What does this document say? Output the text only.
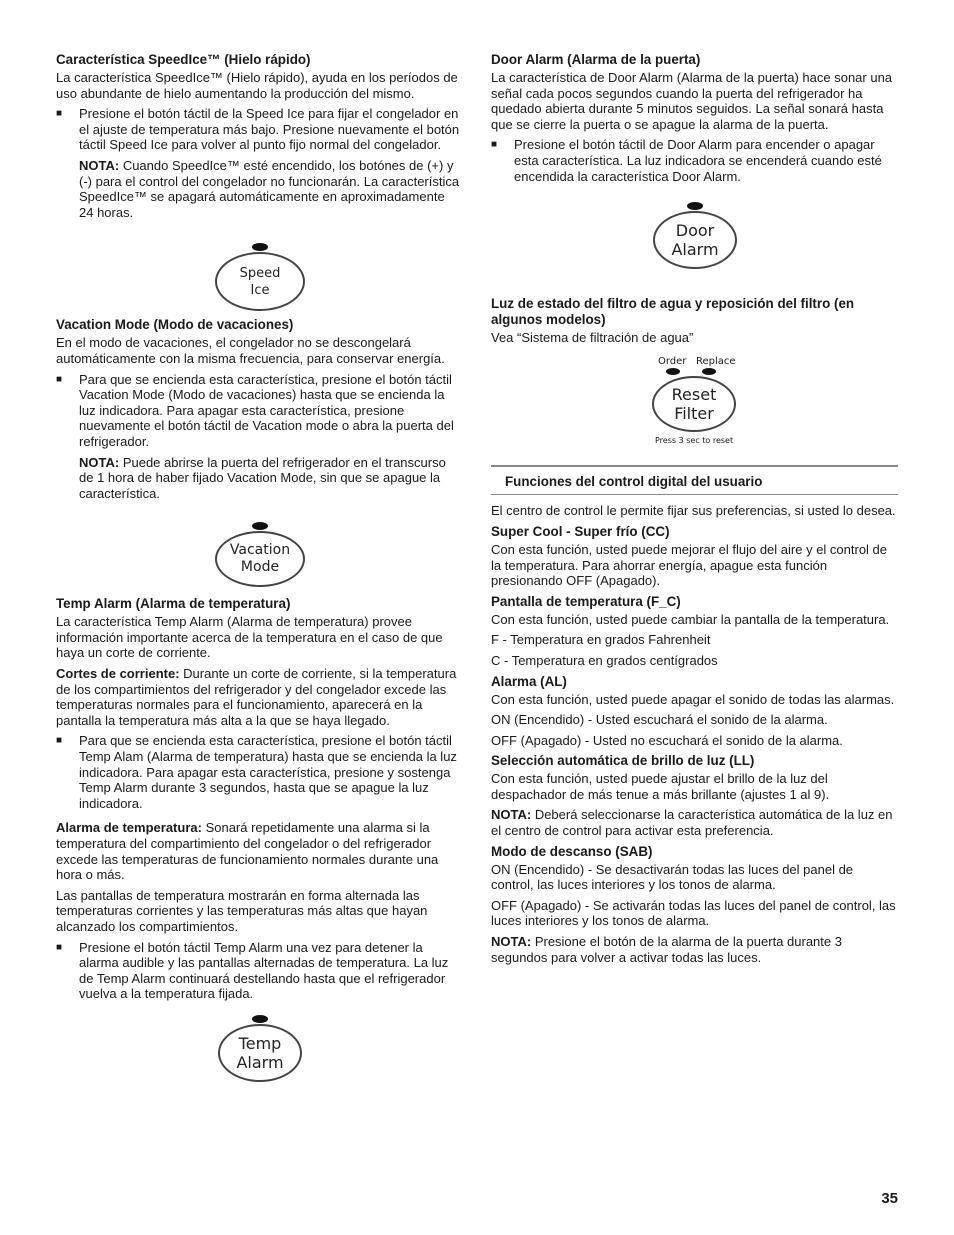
Característica SpeedIce™ (Hielo rápido)

La característica SpeedIce™ (Hielo rápido), ayuda en los períodos de uso abundante de hielo aumentando la producción del mismo.

■	Presione el botón táctil de la Speed Ice para fijar el congelador en el ajuste de temperatura más bajo. Presione nuevamente el botón táctil Speed Ice para volver al punto fijo normal del congelador.

NOTA: Cuando SpeedIce™ esté encendido, los botónes de (+) y (-) para el control del congelador no funcionarán. La característica SpeedIce™ se apagará automáticamente en aproximadamente 24 horas.

Speed
Ice
Vacation Mode (Modo de vacaciones)

En el modo de vacaciones, el congelador no se descongelará automáticamente con la misma frecuencia, para conservar energía.

■	Para que se encienda esta característica, presione el botón táctil Vacation Mode (Modo de vacaciones) hasta que se encienda la luz indicadora. Para apagar esta característica, presione nuevamente el botón táctil de Vacation mode o abra la puerta del refrigerador.

NOTA: Puede abrirse la puerta del refrigerador en el transcurso de 1 hora de haber fijado Vacation Mode, sin que se apague la característica.

Vacation
Mode
Temp Alarm (Alarma de temperatura)

La característica Temp Alarm (Alarma de temperatura) provee información importante acerca de la temperatura en el caso de que haya un corte de corriente.

Cortes de corriente: Durante un corte de corriente, si la temperatura de los compartimientos del refrigerador y del congelador excede las temperaturas normales para el funcionamiento, aparecerá en la pantalla la temperatura más alta a la que se haya llegado.

■	Para que se encienda esta característica, presione el botón táctil Temp Alam (Alarma de temperatura) hasta que se encienda la luz indicadora. Para apagar esta característica, presione y sostenga Temp Alarm durante 3 segundos, hasta que se apague la luz indicadora.

Alarma de temperatura: Sonará repetidamente una alarma si la temperatura del compartimiento del congelador o del refrigerador excede las temperaturas de funcionamiento normales durante una hora o más.

Las pantallas de temperatura mostrarán en forma alternada las temperaturas corrientes y las temperaturas más altas que hayan alcanzado los compartimientos.

■	Presione el botón táctil Temp Alarm una vez para detener la alarma audible y las pantallas alternadas de temperatura. La luz de Temp Alarm continuará destellando hasta que el refrigerador vuelva a la temperatura fijada.
Temp
Alarm
Door Alarm (Alarma de la puerta)

La característica de Door Alarm (Alarma de la puerta) hace sonar una señal cada pocos segundos cuando la puerta del refrigerador ha quedado abierta durante 5 minutos seguidos. La señal sonará hasta que se cierre la puerta o se apague la alarma de la puerta.

■	Presione el botón táctil de Door Alarm para encender o apagar esta característica. La luz indicadora se encenderá cuando esté encendida la característica Door Alarm.
Door
Alarm
Luz de estado del filtro de agua y reposición del filtro (en algunos modelos)

Vea “Sistema de filtración de agua”

Order Replace
Reset
Filter
Press 3 sec to reset
Funciones del control digital del usuario

El centro de control le permite fijar sus preferencias, si usted lo desea.

Super Cool - Super frío (CC)

Con esta función, usted puede mejorar el flujo del aire y el control de la temperatura. Para ahorrar energía, apague esta función presionando OFF (Apagado).

Pantalla de temperatura (F_C)

Con esta función, usted puede cambiar la pantalla de la temperatura.

F - Temperatura en grados Fahrenheit

C - Temperatura en grados centígrados

Alarma (AL)

Con esta función, usted puede apagar el sonido de todas las alarmas.

ON (Encendido) - Usted escuchará el sonido de la alarma.

OFF (Apagado) - Usted no escuchará el sonido de la alarma.

Selección automática de brillo de luz (LL)

Con esta función, usted puede ajustar el brillo de la luz del despachador de más tenue a más brillante (ajustes 1 al 9).

NOTA: Deberá seleccionarse la característica automática de la luz en el centro de control para activar esta preferencia.

Modo de descanso (SAB)

ON (Encendido) - Se desactivarán todas las luces del panel de control, las luces interiores y los tonos de alarma.

OFF (Apagado) - Se activarán todas las luces del panel de control, las luces interiores y los tonos de alarma.

NOTA: Presione el botón de la alarma de la puerta durante 3 segundos para volver a activar todas las luces.

35
